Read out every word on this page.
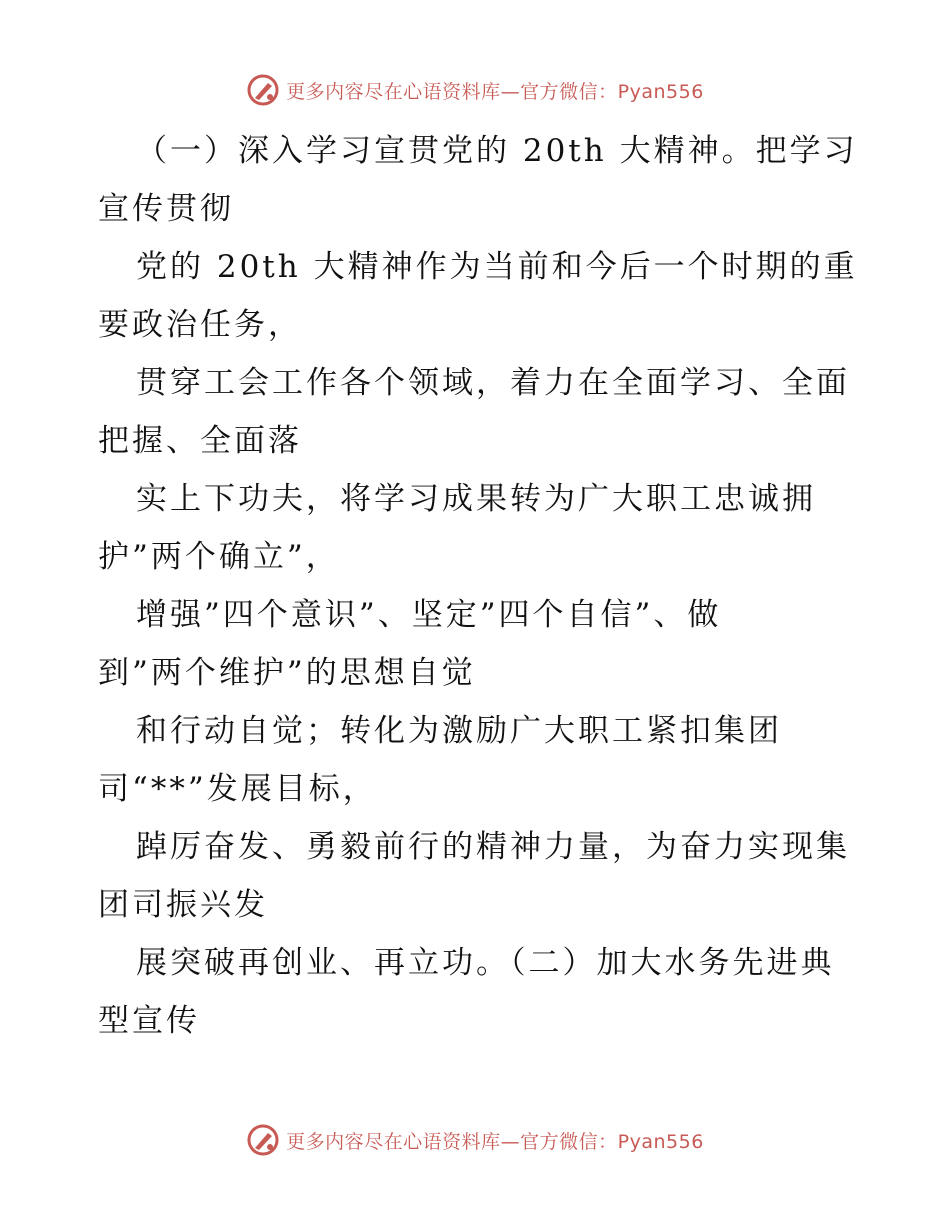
更多内容尽在心语资料库—官方微信：Pyan556
（一）深入学习宣贯党的 20th 大精神。把学习
宣传贯彻
党的 20th 大精神作为当前和今后一个时期的重
要政治任务，
贯穿工会工作各个领域，着力在全面学习、全面
把握、全面落
实上下功夫，将学习成果转为广大职工忠诚拥
护”两个确立”，
增强”四个意识”、坚定”四个自信”、做
到”两个维护”的思想自觉
和行动自觉；转化为激励广大职工紧扣集团
司“**”发展目标，
踔厉奋发、勇毅前行的精神力量，为奋力实现集
团司振兴发
展突破再创业、再立功。（二）加大水务先进典
型宣传
更多内容尽在心语资料库—官方微信：Pyan556
